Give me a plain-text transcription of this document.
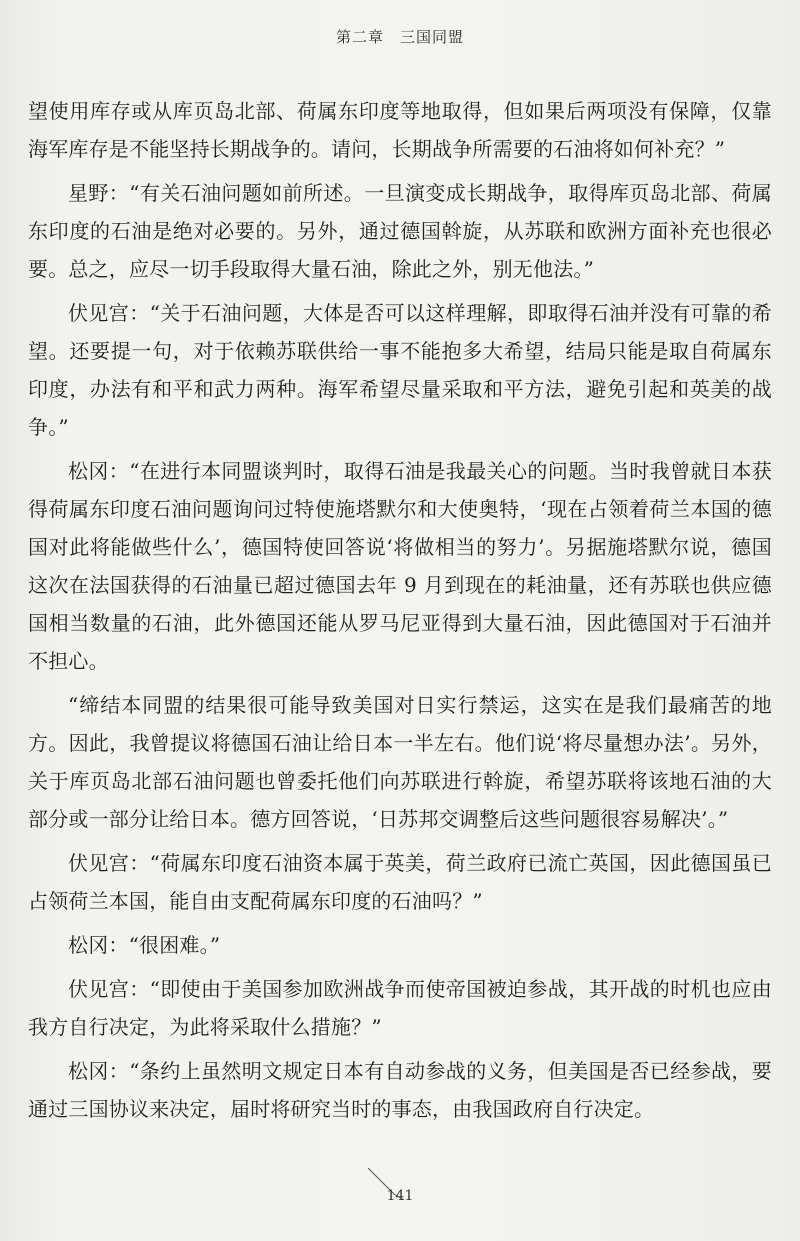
第二章　三国同盟

望使用库存或从库页岛北部、荷属东印度等地取得，但如果后两项没有保障，仅靠海军库存是不能坚持长期战争的。请问，长期战争所需要的石油将如何补充？”

星野：“有关石油问题如前所述。一旦演变成长期战争，取得库页岛北部、荷属东印度的石油是绝对必要的。另外，通过德国斡旋，从苏联和欧洲方面补充也很必要。总之，应尽一切手段取得大量石油，除此之外，别无他法。”

伏见宫：“关于石油问题，大体是否可以这样理解，即取得石油并没有可靠的希望。还要提一句，对于依赖苏联供给一事不能抱多大希望，结局只能是取自荷属东印度，办法有和平和武力两种。海军希望尽量采取和平方法，避免引起和英美的战争。”

松冈：“在进行本同盟谈判时，取得石油是我最关心的问题。当时我曾就日本获得荷属东印度石油问题询问过特使施塔默尔和大使奥特，‘现在占领着荷兰本国的德国对此将能做些什么’，德国特使回答说‘将做相当的努力’。另据施塔默尔说，德国这次在法国获得的石油量已超过德国去年 9 月到现在的耗油量，还有苏联也供应德国相当数量的石油，此外德国还能从罗马尼亚得到大量石油，因此德国对于石油并不担心。

“缔结本同盟的结果很可能导致美国对日实行禁运，这实在是我们最痛苦的地方。因此，我曾提议将德国石油让给日本一半左右。他们说‘将尽量想办法’。另外，关于库页岛北部石油问题也曾委托他们向苏联进行斡旋，希望苏联将该地石油的大部分或一部分让给日本。德方回答说，‘日苏邦交调整后这些问题很容易解决’。”

伏见宫：“荷属东印度石油资本属于英美，荷兰政府已流亡英国，因此德国虽已占领荷兰本国，能自由支配荷属东印度的石油吗？”

松冈：“很困难。”

伏见宫：“即使由于美国参加欧洲战争而使帝国被迫参战，其开战的时机也应由我方自行决定，为此将采取什么措施？”

松冈：“条约上虽然明文规定日本有自动参战的义务，但美国是否已经参战，要通过三国协议来决定，届时将研究当时的事态，由我国政府自行决定。

141
